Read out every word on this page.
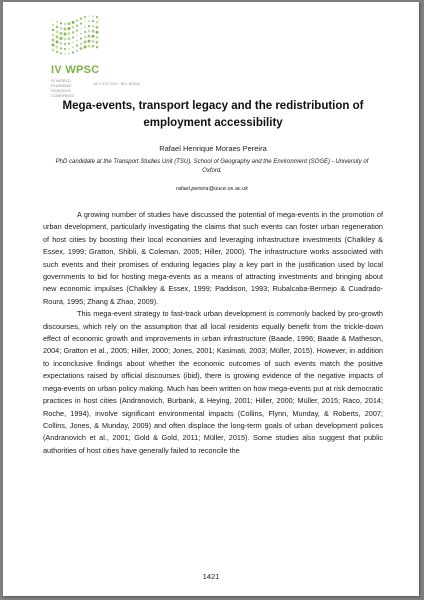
IV WPSC
IV WORLD PLANNING SCHOOLS CONGRESS
JULY 4TH 2016 · RIO, BRAZIL
Mega-events, transport legacy and the redistribution of employment accessibility
Rafael Henrique Moraes Pereira
PhD candidate at the Transport Studies Unit (TSU), School of Geography and the Environment (SOGE) - University of Oxford.
rafael.pereira@ouce.ox.ac.uk

A growing number of studies have discussed the potential of mega-events in the promotion of urban development, particularly investigating the claims that such events can foster urban regeneration of host cities by boosting their local economies and leveraging infrastructure investments (Chalkley & Essex, 1999; Gratton, Shibli, & Coleman, 2005; Hiller, 2000). The infrastructure works associated with such events and their promises of enduring legacies play a key part in the justification used by local governments to bid for hosting mega-events as a means of attracting investments and bringing about new economic impulses (Chalkley & Essex, 1999; Paddison, 1993; Rubalcaba-Bermejo & Cuadrado-Roura, 1995; Zhang & Zhao, 2009).

This mega-event strategy to fast-track urban development is commonly backed by pro-growth discourses, which rely on the assumption that all local residents equally benefit from the trickle-down effect of economic growth and improvements in urban infrastructure (Baade, 1996; Baade & Matheson, 2004; Gratton et al., 2005; Hiller, 2000; Jones, 2001; Kasimati, 2003; Müller, 2015). However, in addition to inconclusive findings about whether the economic outcomes of such events match the positive expectations raised by official discourses (ibid), there is growing evidence of the negative impacts of mega-events on urban policy making. Much has been written on how mega-events put at risk democratic practices in host cities (Andranovich, Burbank, & Heying, 2001; Hiller, 2000; Müller, 2015; Raco, 2014; Roche, 1994), involve significant environmental impacts (Collins, Flynn, Munday, & Roberts, 2007; Collins, Jones, & Munday, 2009) and often displace the long-term goals of urban development polices (Andranovich et al., 2001; Gold & Gold, 2011; Müller, 2015). Some studies also suggest that public authorities of host cities have generally failed to reconcile the

1421
